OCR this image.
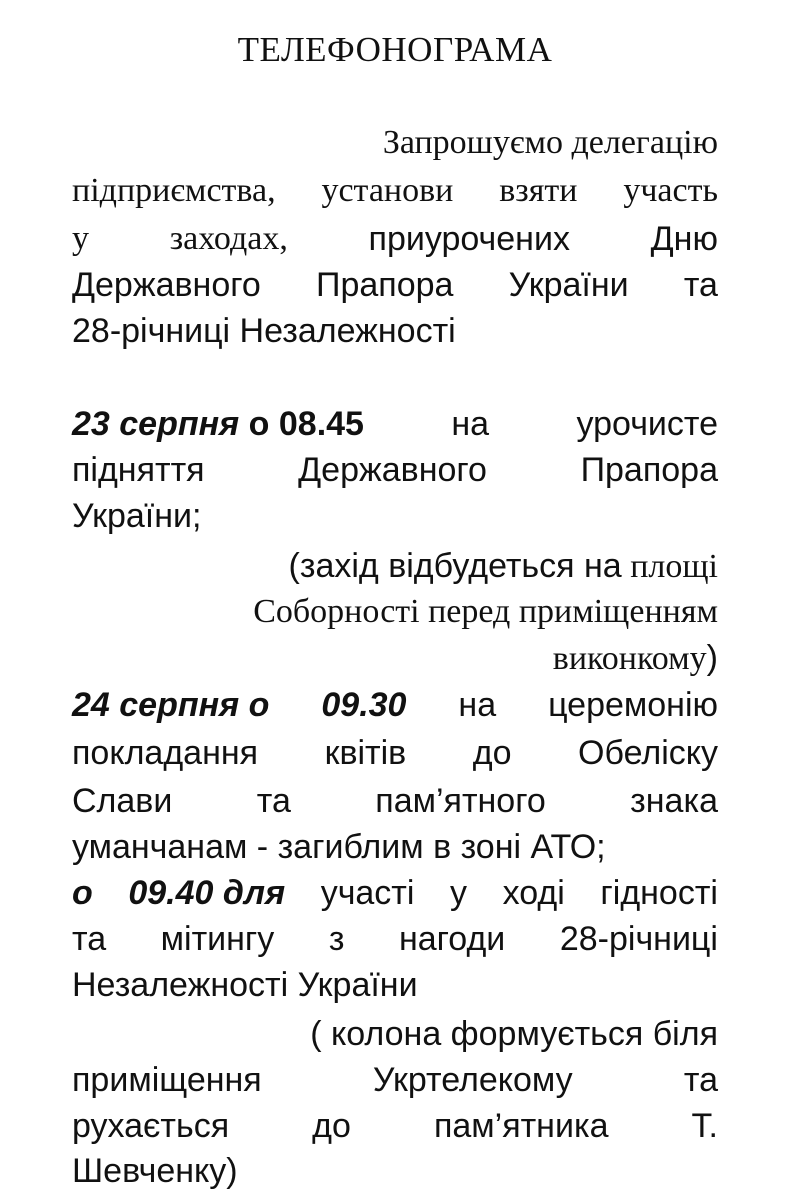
ТЕЛЕФОНОГРАМА
Запрошуємо делегацію
підприємства, установи взяти участь
у заходах, приурочених Дню
Державного Прапора України та
28-річниці Незалежності
23 серпня о 08.45	на	урочисте
підняття	Державного	Прапора
України;
(захід відбудеться на площі
Соборності перед приміщенням
виконкому)
24 серпня о 09.30 на церемонію
покладання квітів до Обеліску
Слави та пам’ятного знака
уманчанам - загиблим в зоні АТО;
о 09.40 для участі у ході гідності
та мітингу з нагоди 28-річниці
Незалежності України
( колона формується біля
приміщення	Укртелекому	та
рухається до пам’ятника Т.
Шевченку)
